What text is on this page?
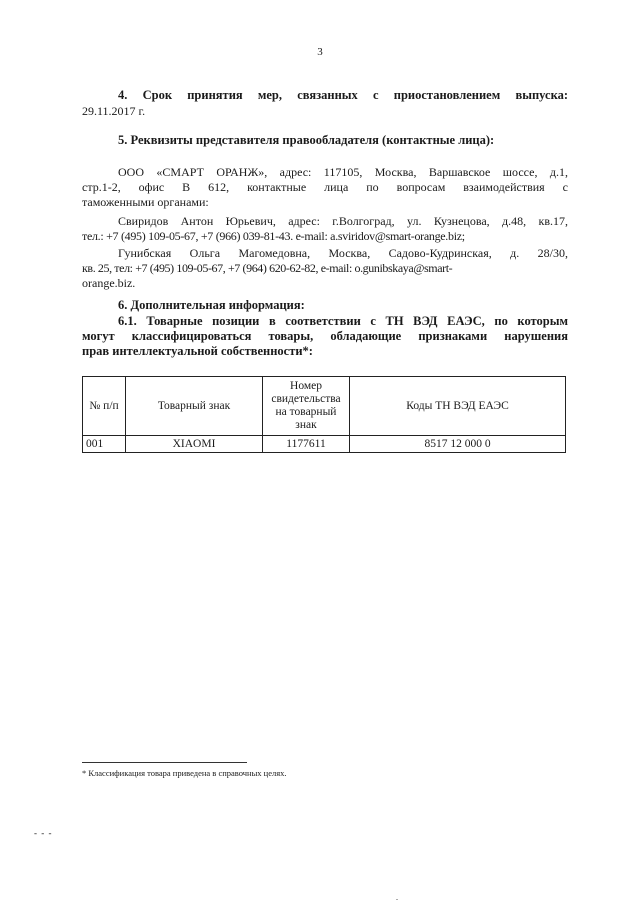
3
4. Срок принятия мер, связанных с приостановлением выпуска:
29.11.2017 г.
5. Реквизиты представителя правообладателя (контактные лица):
ООО «СМАРТ ОРАНЖ», адрес: 117105, Москва, Варшавское шоссе, д.1,
стр.1-2, офис В 612, контактные лица по вопросам взаимодействия с
таможенными органами:
Свиридов Антон Юрьевич, адрес: г.Волгоград, ул. Кузнецова, д.48, кв.17,
тел.: +7 (495) 109-05-67, +7 (966) 039-81-43. e-mail: a.sviridov@smart-orange.biz;
Гунибская Ольга Магомедовна, Москва, Садово-Кудринская, д. 28/30,
кв. 25, тел: +7 (495) 109-05-67, +7 (964) 620-62-82, e-mail: o.gunibskaya@smart-
orange.biz.
6. Дополнительная информация:
6.1. Товарные позиции в соответствии с ТН ВЭД ЕАЭС, по которым
могут классифицироваться товары, обладающие признаками нарушения
прав интеллектуальной собственности*:
№ п/п	Товарный знак	Номер свидетельства на товарный знак	Коды ТН ВЭД ЕАЭС
001	XIAOMI	1177611	8517 12 000 0
* Классификация товара приведена в справочных целях.
- - -
.
